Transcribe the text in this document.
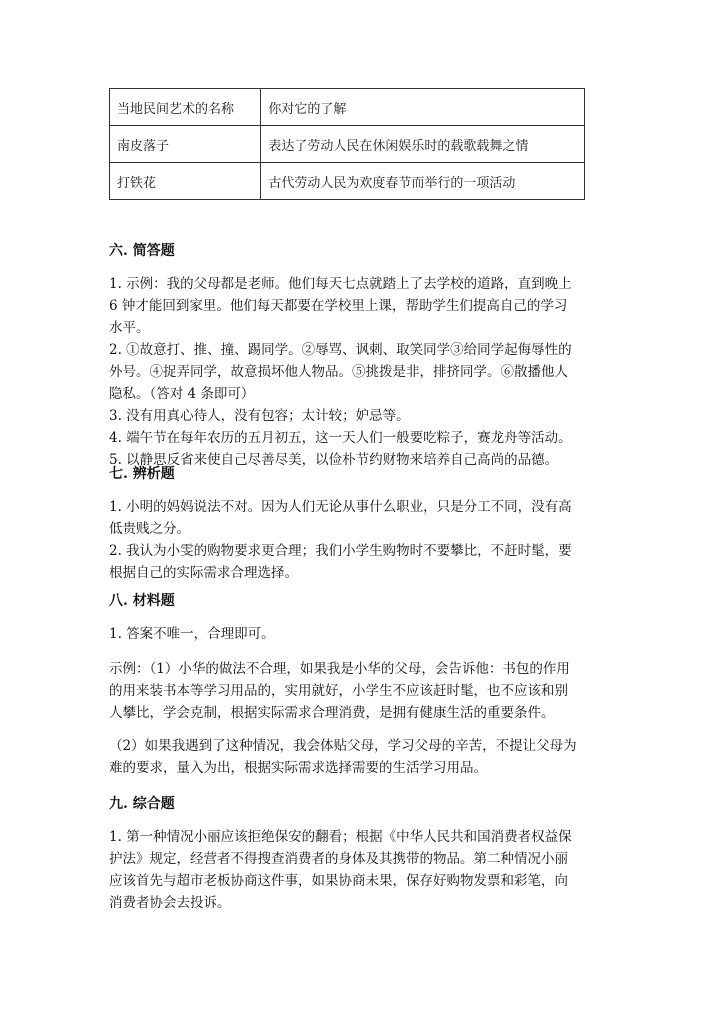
当地民间艺术的名称	你对它的了解
南皮落子	表达了劳动人民在休闲娱乐时的载歌载舞之情
打铁花	古代劳动人民为欢度春节而举行的一项活动
六. 简答题
1. 示例：我的父母都是老师。他们每天七点就踏上了去学校的道路，直到晚上
6 钟才能回到家里。他们每天都要在学校里上课，帮助学生们提高自己的学习
水平。
2. ①故意打、推、撞、踢同学。②辱骂、讽刺、取笑同学③给同学起侮辱性的
外号。④捉弄同学，故意损坏他人物品。⑤挑拨是非，排挤同学。⑥散播他人
隐私。（答对 4 条即可）
3. 没有用真心待人，没有包容；太计较；妒忌等。
4. 端午节在每年农历的五月初五，这一天人们一般要吃粽子，赛龙舟等活动。
5. 以静思反省来使自己尽善尽美，以俭朴节约财物来培养自己高尚的品德。
七. 辨析题
1. 小明的妈妈说法不对。因为人们无论从事什么职业，只是分工不同，没有高
低贵贱之分。
2. 我认为小雯的购物要求更合理；我们小学生购物时不要攀比，不赶时髦，要
根据自己的实际需求合理选择。
八. 材料题
1. 答案不唯一，合理即可。
示例：（1）小华的做法不合理，如果我是小华的父母，会告诉他：书包的作用
的用来装书本等学习用品的，实用就好，小学生不应该赶时髦，也不应该和别
人攀比，学会克制，根据实际需求合理消费，是拥有健康生活的重要条件。
（2）如果我遇到了这种情况，我会体贴父母，学习父母的辛苦，不提让父母为
难的要求，量入为出，根据实际需求选择需要的生活学习用品。
九. 综合题
1. 第一种情况小丽应该拒绝保安的翻看；根据《中华人民共和国消费者权益保
护法》规定，经营者不得搜查消费者的身体及其携带的物品。第二种情况小丽
应该首先与超市老板协商这件事，如果协商未果，保存好购物发票和彩笔，向
消费者协会去投诉。
